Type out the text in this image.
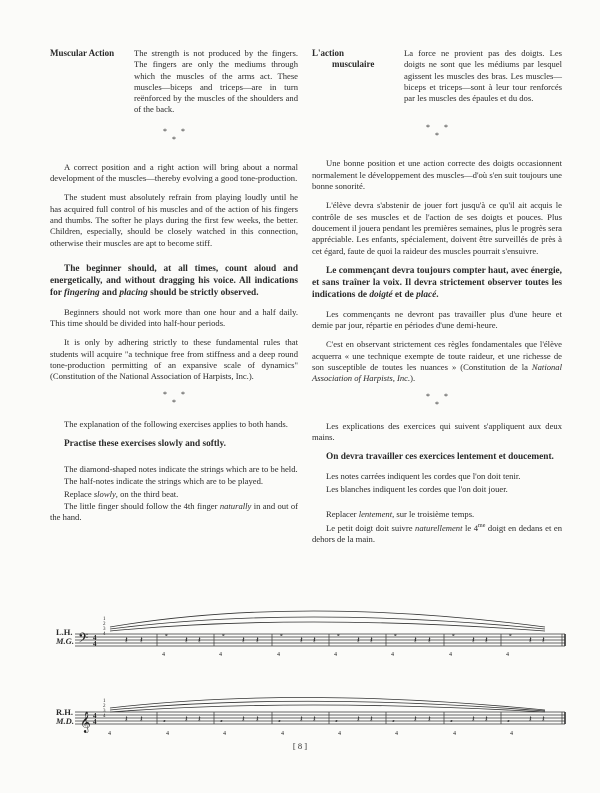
Muscular Action	The strength is not produced by the fingers. The fingers are only the mediums through which the muscles of the arms act. These muscles—biceps and triceps—are in turn reënforced by the muscles of the shoulders and of the back.
* *
*

A correct position and a right action will bring about a normal development of the muscles—thereby evolving a good tone-production.

The student must absolutely refrain from playing loudly until he has acquired full control of his muscles and of the action of his fingers and thumbs. The softer he plays during the first few weeks, the better. Children, especially, should be closely watched in this connection, otherwise their muscles are apt to become stiff.

The beginner should, at all times, count aloud and energetically, and without dragging his voice. All indications for fingering and placing should be strictly observed.

Beginners should not work more than one hour and a half daily. This time should be divided into half-hour periods.

It is only by adhering strictly to these fundamental rules that students will acquire "a technique free from stiffness and a deep round tone-production permitting of an expansive scale of dynamics" (Constitution of the National Association of Harpists, Inc.).

* *
*

The explanation of the following exercises applies to both hands.

Practise these exercises slowly and softly.

The diamond-shaped notes indicate the strings which are to be held.

The half-notes indicate the strings which are to be played.

Replace slowly, on the third beat.

The little finger should follow the 4th finger naturally in and out of the hand.

L'action
musculaire
La force ne provient pas des doigts. Les doigts ne sont que les médiums par lesquel agissent les muscles des bras. Les muscles—biceps et triceps—sont à leur tour renforcés par les muscles des épaules et du dos.
* *
*

Une bonne position et une action correcte des doigts occasionnent normalement le développement des muscles—d'où s'en suit toujours une bonne sonorité.

L'élève devra s'abstenir de jouer fort jusqu'à ce qu'il ait acquis le contrôle de ses muscles et de l'action de ses doigts et pouces. Plus doucement il jouera pendant les premières semaines, plus le progrès sera appréciable. Les enfants, spécialement, doivent être surveillés de près à cet égard, faute de quoi la raideur des muscles pourrait s'ensuivre.

Le commençant devra toujours compter haut, avec énergie, et sans traîner la voix. Il devra strictement observer toutes les indications de doigté et de placé.

Les commençants ne devront pas travailler plus d'une heure et demie par jour, répartie en périodes d'une demi-heure.

C'est en observant strictement ces règles fondamentales que l'élève acquerra « une technique exempte de toute raideur, et une richesse de son susceptible de toutes les nuances » (Constitution de la National Association of Harpists, Inc.).

* *
*

Les explications des exercices qui suivent s'appliquent aux deux mains.

On devra travailler ces exercices lentement et doucement.

Les notes carrées indiquent les cordes que l'on doit tenir.

Les blanches indiquent les cordes que l'on doit jouer.

Replacer lentement, sur le troisième temps.

Le petit doigt doit suivre naturellement le $4^{me}$ doigt en dedans et en dehors de la main.

L.H.
M.G. 𝄢 4
4
1
2
3
4
𝄽 𝄽
𝅗
𝄽 𝄽
𝅗
𝄽 𝄽
𝅗
𝄽 𝄽
𝅗
𝄽 𝄽
𝅗
𝄽 𝄽
𝅗
𝄽 𝄽
𝅗
𝄽 𝄽
4	4	4	4	4	4	4
R.H.
M.D. 𝄞 4
4
1
2
3
4 𝄽 𝄽 𝅗 𝄽 𝄽 𝅗 𝄽 𝄽 𝅗 𝄽 𝄽 𝅗 𝄽 𝄽 𝅗 𝄽 𝄽 𝅗 𝄽 𝄽 𝅗 𝄽 𝄽
4	4	4	4	4	4	4	4
[ 8 ]
